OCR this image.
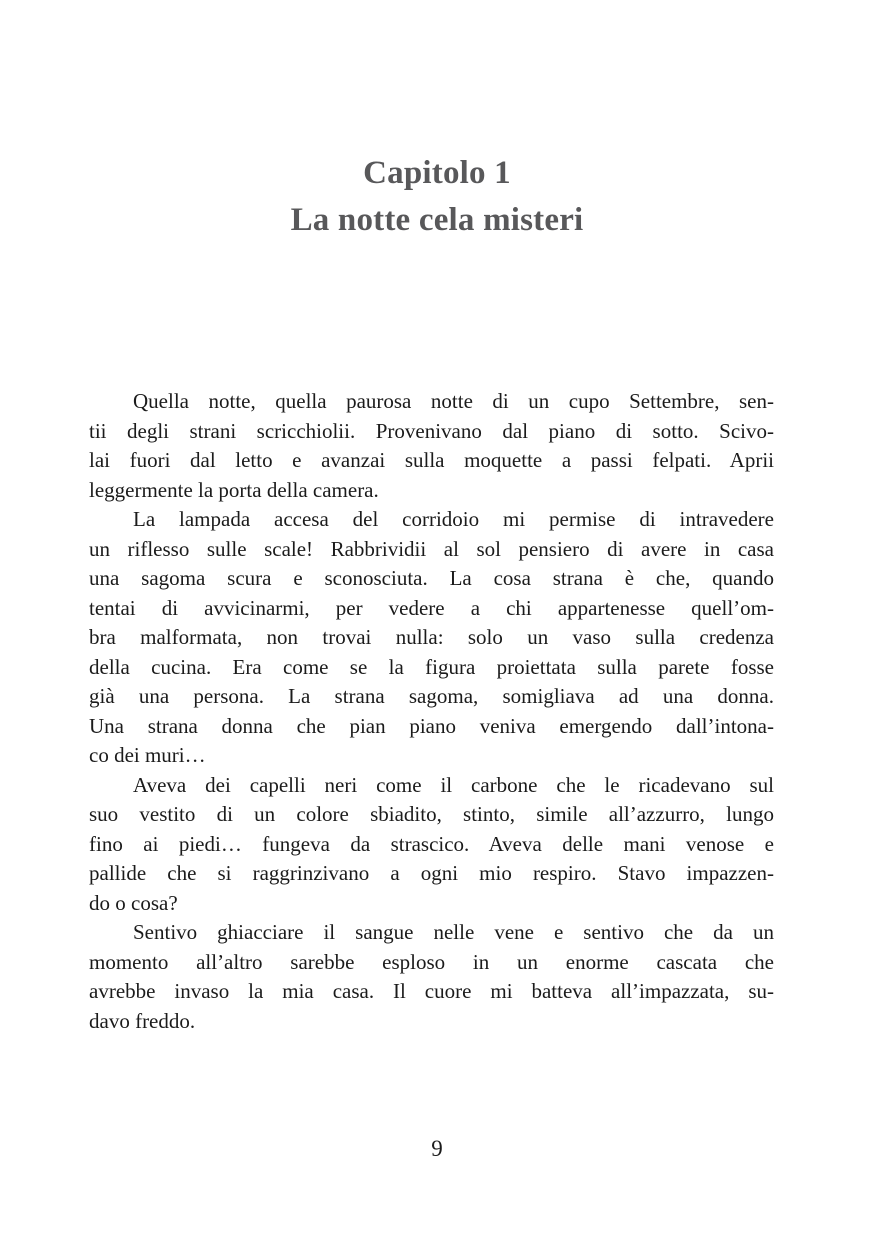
Capitolo 1
La notte cela misteri
Quella notte, quella paurosa notte di un cupo Settembre, sen-
tii degli strani scricchiolii. Provenivano dal piano di sotto. Scivo-
lai fuori dal letto e avanzai sulla moquette a passi felpati. Aprii
leggermente la porta della camera.
La lampada accesa del corridoio mi permise di intravedere
un riflesso sulle scale! Rabbrividii al sol pensiero di avere in casa
una sagoma scura e sconosciuta. La cosa strana è che, quando
tentai di avvicinarmi, per vedere a chi appartenesse quell’om-
bra malformata, non trovai nulla: solo un vaso sulla credenza
della cucina. Era come se la figura proiettata sulla parete fosse
già una persona. La strana sagoma, somigliava ad una donna.
Una strana donna che pian piano veniva emergendo dall’intona-
co dei muri…
Aveva dei capelli neri come il carbone che le ricadevano sul
suo vestito di un colore sbiadito, stinto, simile all’azzurro, lungo
fino ai piedi… fungeva da strascico. Aveva delle mani venose e
pallide che si raggrinzivano a ogni mio respiro. Stavo impazzen-
do o cosa?
Sentivo ghiacciare il sangue nelle vene e sentivo che da un
momento all’altro sarebbe esploso in un enorme cascata che
avrebbe invaso la mia casa. Il cuore mi batteva all’impazzata, su-
davo freddo.
9
